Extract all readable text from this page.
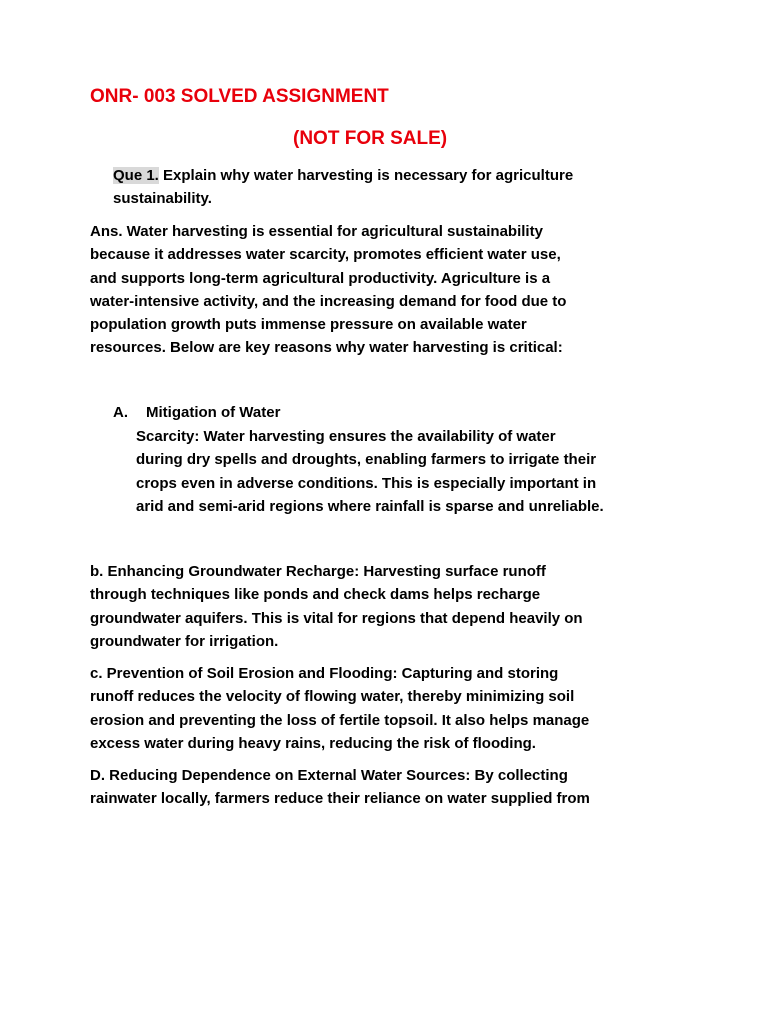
ONR- 003 SOLVED ASSIGNMENT
(NOT FOR SALE)
Que 1. Explain why water harvesting is necessary for agriculture
sustainability.
Ans. Water harvesting is essential for agricultural sustainability
because it addresses water scarcity, promotes efficient water use,
and supports long-term agricultural productivity. Agriculture is a
water-intensive activity, and the increasing demand for food due to
population growth puts immense pressure on available water
resources. Below are key reasons why water harvesting is critical:
A. Mitigation of Water
Scarcity: Water harvesting ensures the availability of water
during dry spells and droughts, enabling farmers to irrigate their
crops even in adverse conditions. This is especially important in
arid and semi-arid regions where rainfall is sparse and unreliable.
b. Enhancing Groundwater Recharge: Harvesting surface runoff
through techniques like ponds and check dams helps recharge
groundwater aquifers. This is vital for regions that depend heavily on
groundwater for irrigation.
c. Prevention of Soil Erosion and Flooding: Capturing and storing
runoff reduces the velocity of flowing water, thereby minimizing soil
erosion and preventing the loss of fertile topsoil. It also helps manage
excess water during heavy rains, reducing the risk of flooding.
D. Reducing Dependence on External Water Sources: By collecting
rainwater locally, farmers reduce their reliance on water supplied from
